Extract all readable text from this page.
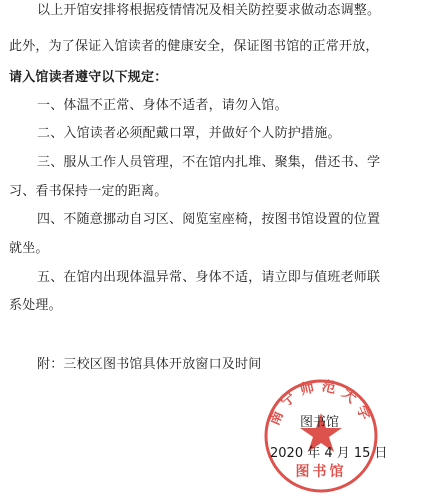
以上开馆安排将根据疫情情况及相关防控要求做动态调整。
此外，为了保证入馆读者的健康安全，保证图书馆的正常开放，
请入馆读者遵守以下规定：
一、体温不正常、身体不适者，请勿入馆。
二、入馆读者必须配戴口罩，并做好个人防护措施。
三、服从工作人员管理，不在馆内扎堆、聚集，借还书、学
习、看书保持一定的距离。
四、不随意挪动自习区、阅览室座椅，按图书馆设置的位置
就坐。
五、在馆内出现体温异常、身体不适，请立即与值班老师联
系处理。
附：三校区图书馆具体开放窗口及时间
南宁师范大学
图书馆
图书馆
2020 年 4 月 15 日
